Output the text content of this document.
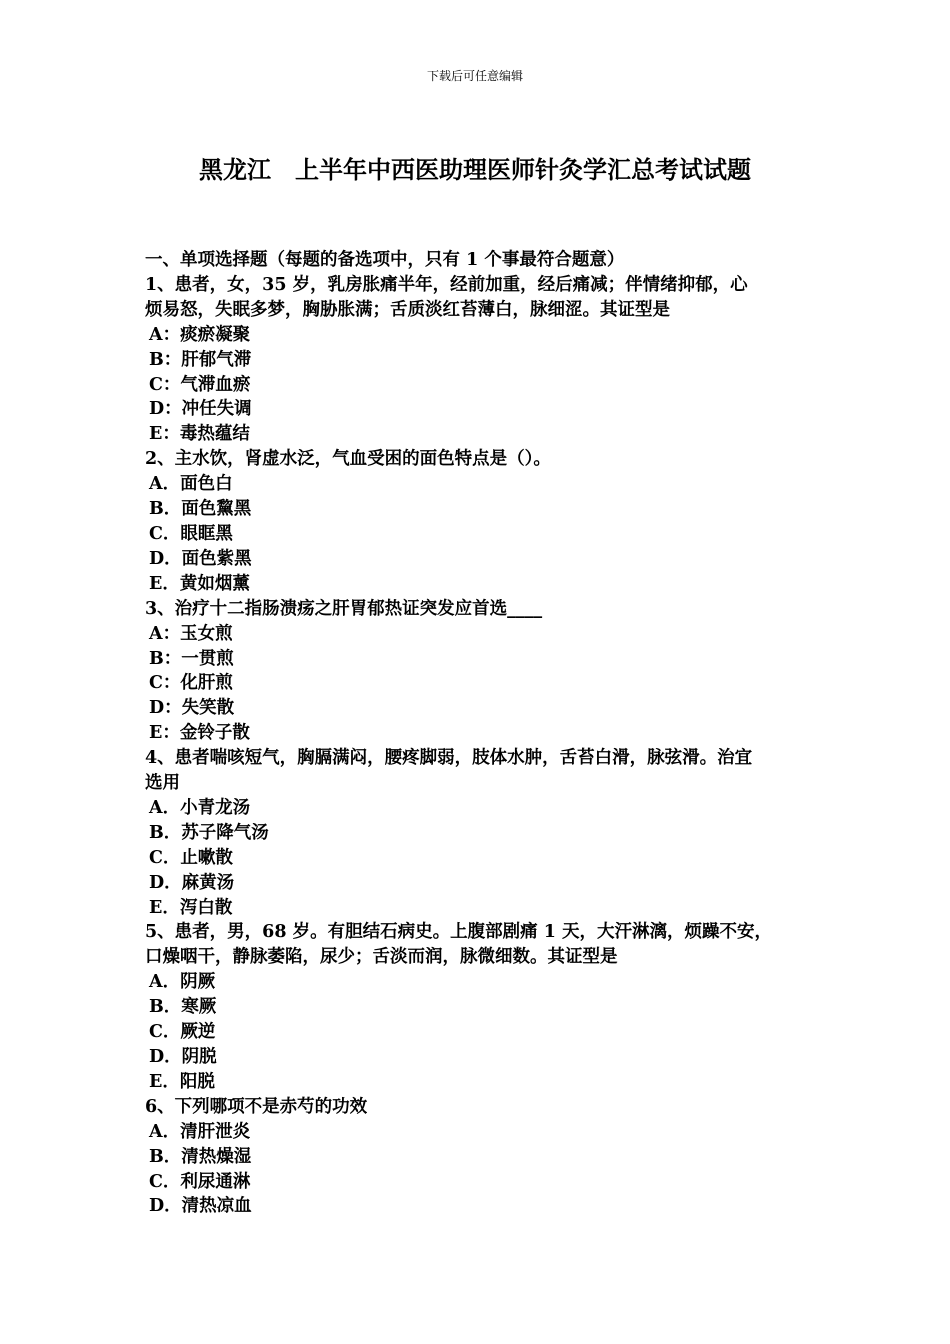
下载后可任意编辑
黑龙江　上半年中西医助理医师针灸学汇总考试试题
一、单项选择题（每题的备选项中，只有 1 个事最符合题意）
1、患者，女，35 岁，乳房胀痛半年，经前加重，经后痛减；伴情绪抑郁，心
烦易怒，失眠多梦，胸胁胀满；舌质淡红苔薄白，脉细涩。其证型是
A：痰瘀凝聚
B：肝郁气滞
C：气滞血瘀
D：冲任失调
E：毒热蕴结
2、主水饮，肾虚水泛，气血受困的面色特点是（）。
A．面色白
B．面色黧黑
C．眼眶黑
D．面色紫黑
E．黄如烟薰
3、治疗十二指肠溃疡之肝胃郁热证突发应首选____
A：玉女煎
B：一贯煎
C：化肝煎
D：失笑散
E：金铃子散
4、患者喘咳短气，胸膈满闷，腰疼脚弱，肢体水肿，舌苔白滑，脉弦滑。治宜
选用
A．小青龙汤
B．苏子降气汤
C．止嗽散
D．麻黄汤
E．泻白散
5、患者，男，68 岁。有胆结石病史。上腹部剧痛 1 天，大汗淋漓，烦躁不安，
口燥咽干，静脉萎陷，尿少；舌淡而润，脉微细数。其证型是
A．阴厥
B．寒厥
C．厥逆
D．阴脱
E．阳脱
6、下列哪项不是赤芍的功效
A．清肝泄炎
B．清热燥湿
C．利尿通淋
D．清热凉血
